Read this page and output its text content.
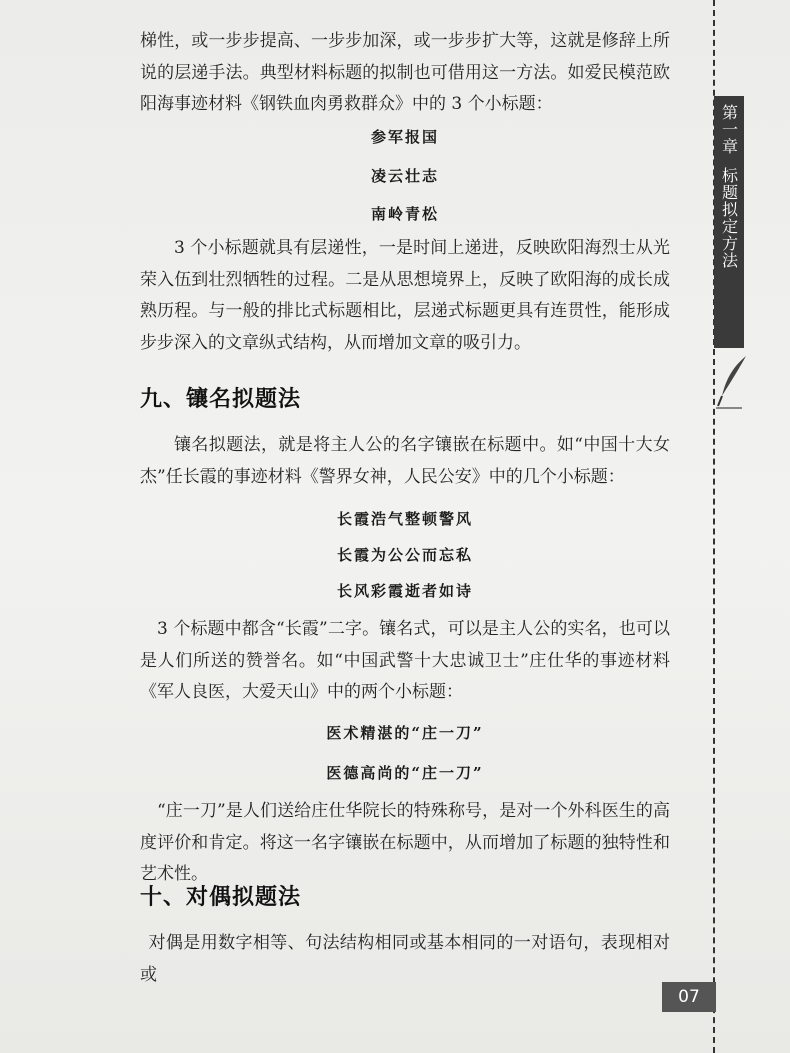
梯性，或一步步提高、一步步加深，或一步步扩大等，这就是修辞上所说的层递手法。典型材料标题的拟制也可借用这一方法。如爱民模范欧阳海事迹材料《钢铁血肉勇救群众》中的 3 个小标题：

参军报国
凌云壮志
南岭青松

3 个小标题就具有层递性，一是时间上递进，反映欧阳海烈士从光荣入伍到壮烈牺牲的过程。二是从思想境界上，反映了欧阳海的成长成熟历程。与一般的排比式标题相比，层递式标题更具有连贯性，能形成步步深入的文章纵式结构，从而增加文章的吸引力。

九、镶名拟题法

镶名拟题法，就是将主人公的名字镶嵌在标题中。如“中国十大女杰”任长霞的事迹材料《警界女神，人民公安》中的几个小标题：

长霞浩气整顿警风
长霞为公公而忘私
长风彩霞逝者如诗

3 个标题中都含“长霞”二字。镶名式，可以是主人公的实名，也可以是人们所送的赞誉名。如“中国武警十大忠诚卫士”庄仕华的事迹材料《军人良医，大爱天山》中的两个小标题：

医术精湛的“庄一刀”
医德高尚的“庄一刀”

“庄一刀”是人们送给庄仕华院长的特殊称号，是对一个外科医生的高度评价和肯定。将这一名字镶嵌在标题中，从而增加了标题的独特性和艺术性。

十、对偶拟题法

对偶是用数字相等、句法结构相同或基本相同的一对语句，表现相对或

第一章
标题拟定方法
07
